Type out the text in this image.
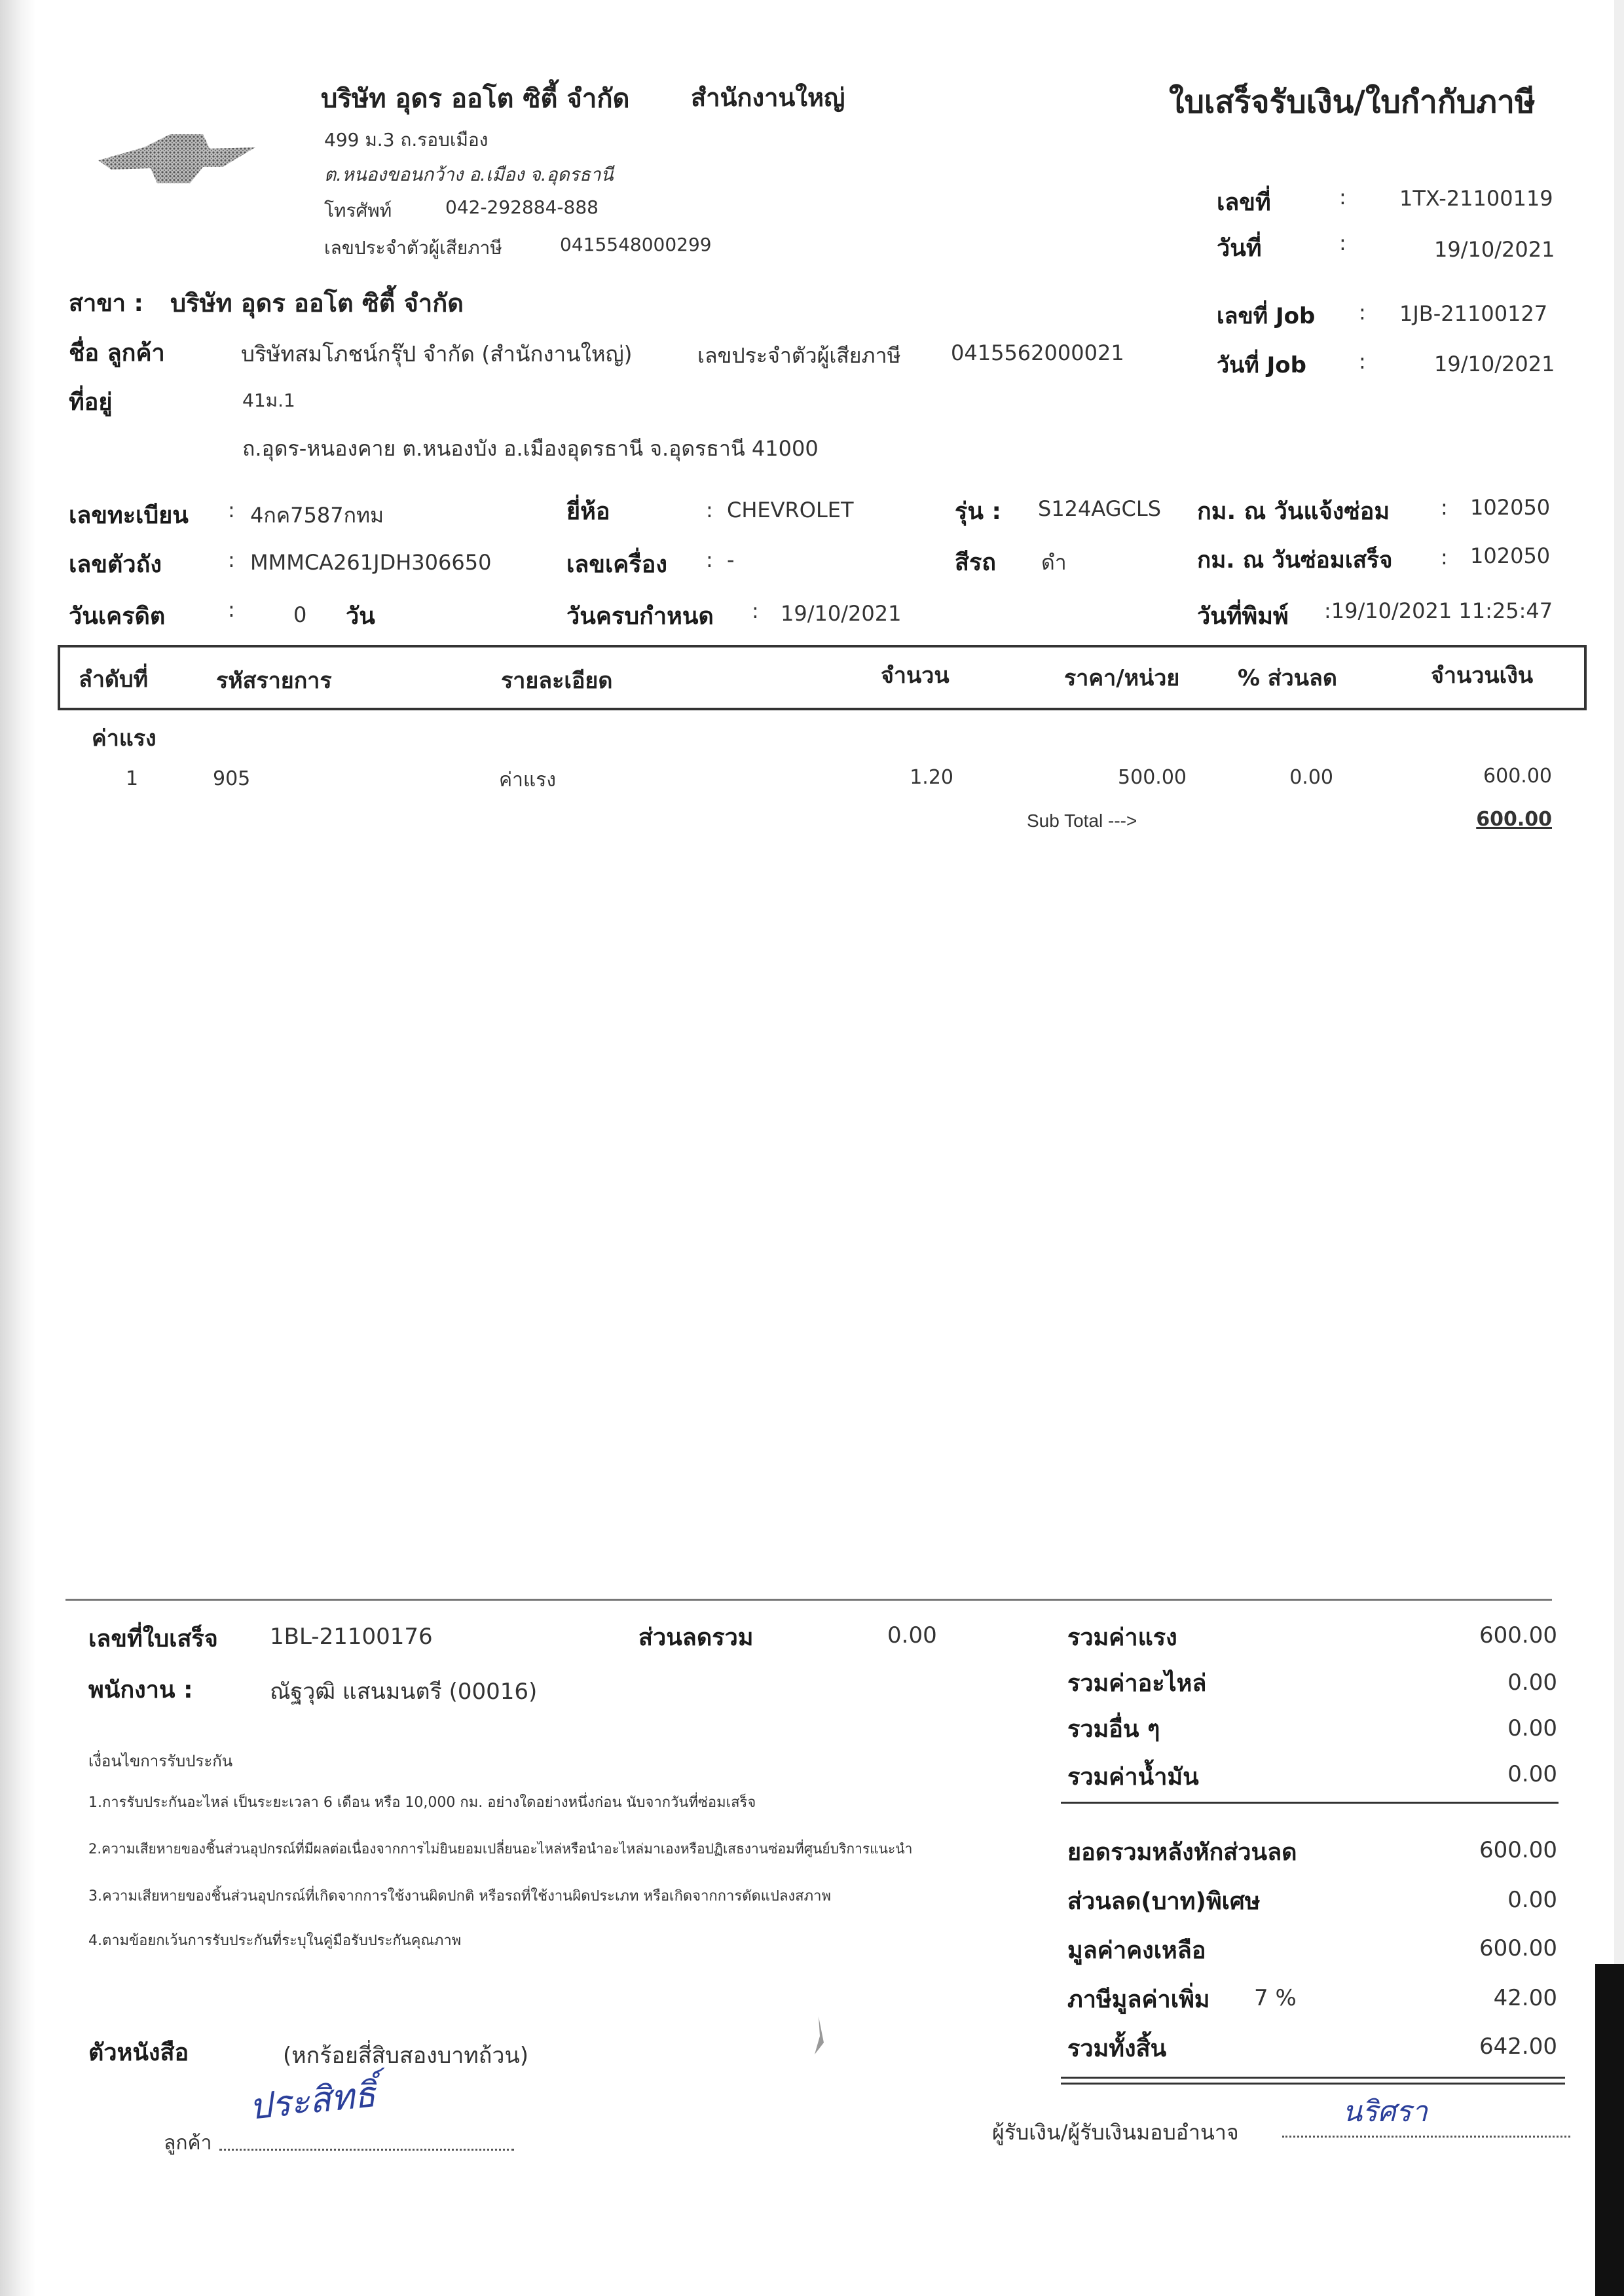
บริษัท อุดร ออโต ซิตี้ จำกัด สำนักงานใหญ่
499 ม.3 ถ.รอบเมือง
ต.หนองขอนกว้าง อ.เมือง จ.อุดรธานี
โทรศัพท์	042-292884-888
เลขประจำตัวผู้เสียภาษี	0415548000299
ใบเสร็จรับเงิน/ใบกำกับภาษี
เลขที่	:	1TX-21100119
วันที่	:	19/10/2021
เลขที่ Job : 1JB-21100127
วันที่ Job	:	19/10/2021
สาขา : บริษัท อุดร ออโต ซิตี้ จำกัด
ชื่อ ลูกค้า	บริษัทสมโภชน์กรุ๊ป จำกัด (สำนักงานใหญ่)	เลขประจำตัวผู้เสียภาษี 0415562000021
ที่อยู่	41ม.1
ถ.อุดร-หนองคาย ต.หนองบัง อ.เมืองอุดรธานี จ.อุดรธานี 41000
เลขทะเบียน : 4กค7587กทม	ยี่ห้อ	: CHEVROLET	รุ่น : S124AGCLS กม. ณ วันแจ้งซ่อม : 102050
เลขตัวถัง	: MMMCA261JDH306650	เลขเครื่อง : -	สีรถ ดำ	กม. ณ วันซ่อมเสร็จ : 102050
วันเครดิต	:	0 วัน	วันครบกำหนด : 19/10/2021	วันที่พิมพ์ :19/10/2021 11:25:47
ลำดับที่	รหัสรายการ	รายละเอียด	จำนวน	ราคา/หน่วย	% ส่วนลด	จำนวนเงิน
ค่าแรง
1	905	ค่าแรง	1.20	500.00	0.00	600.00
Sub Total --->	600.00
เลขที่ใบเสร็จ 1BL-21100176	ส่วนลดรวม	0.00
พนักงาน :	ณัฐวุฒิ แสนมนตรี (00016)
เงื่อนไขการรับประกัน
1.การรับประกันอะไหล่ เป็นระยะเวลา 6 เดือน หรือ 10,000 กม. อย่างใดอย่างหนึ่งก่อน นับจากวันที่ซ่อมเสร็จ
2.ความเสียหายของชิ้นส่วนอุปกรณ์ที่มีผลต่อเนื่องจากการไม่ยินยอมเปลี่ยนอะไหล่หรือนำอะไหล่มาเองหรือปฏิเสธงานซ่อมที่ศูนย์บริการแนะนำ
3.ความเสียหายของชิ้นส่วนอุปกรณ์ที่เกิดจากการใช้งานผิดปกติ หรือรถที่ใช้งานผิดประเภท หรือเกิดจากการดัดแปลงสภาพ
4.ตามข้อยกเว้นการรับประกันที่ระบุในคู่มือรับประกันคุณภาพ
ตัวหนังสือ	(หกร้อยสี่สิบสองบาทถ้วน)
ประสิทธิ์
ลูกค้า	ผู้รับเงิน/ผู้รับเงินมอบอำนาจ
นริศรา
รวมค่าแรง	600.00
รวมค่าอะไหล่	0.00
รวมอื่น ๆ	0.00
รวมค่าน้ำมัน	0.00
ยอดรวมหลังหักส่วนลด	600.00
ส่วนลด(บาท)พิเศษ	0.00
มูลค่าคงเหลือ	600.00
ภาษีมูลค่าเพิ่ม 7 %	42.00
รวมทั้งสิ้น	642.00
